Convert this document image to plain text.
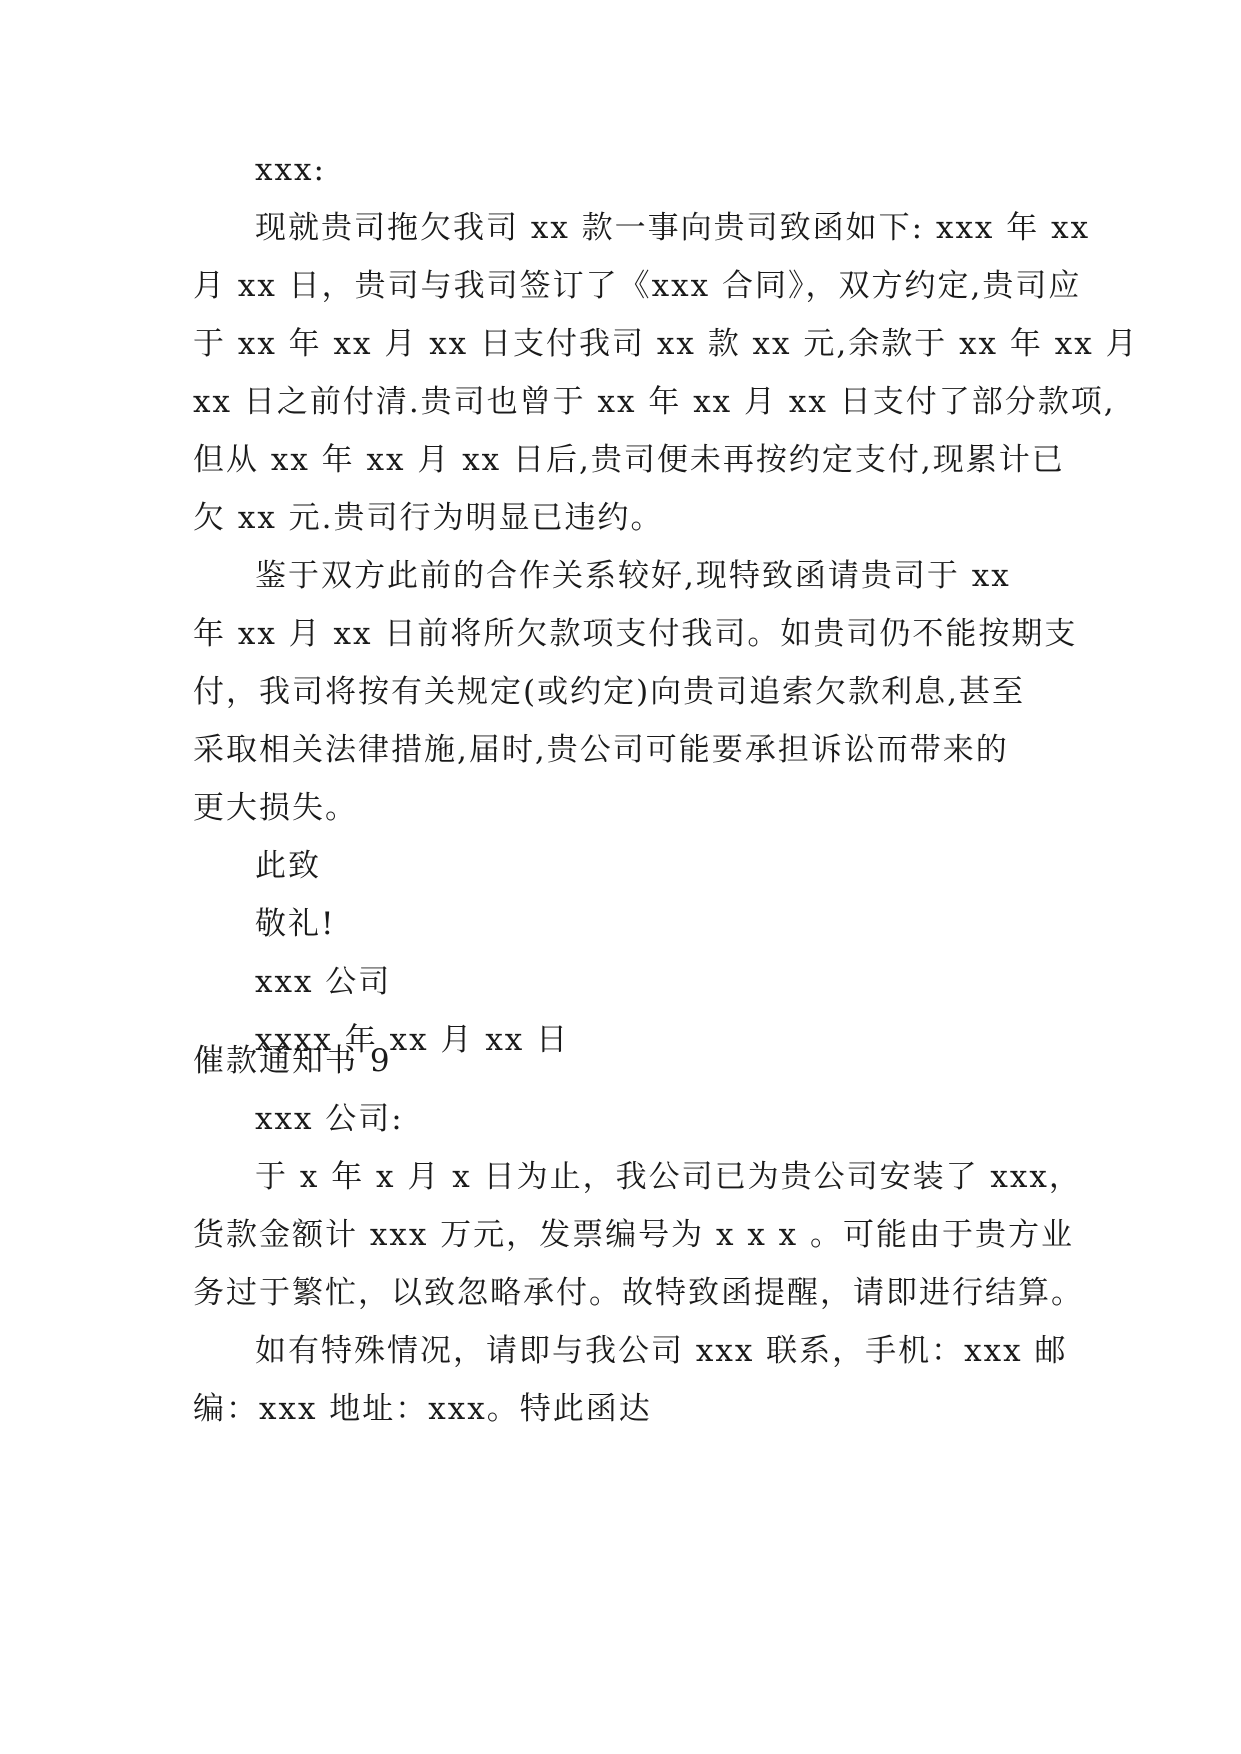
xxx:
现就贵司拖欠我司 xx 款一事向贵司致函如下: xxx 年 xx
月 xx 日，贵司与我司签订了《xxx 合同》，双方约定,贵司应
于 xx 年 xx 月 xx 日支付我司 xx 款 xx 元,余款于 xx 年 xx 月
xx 日之前付清.贵司也曾于 xx 年 xx 月 xx 日支付了部分款项,
但从 xx 年 xx 月 xx 日后,贵司便未再按约定支付,现累计已
欠 xx 元.贵司行为明显已违约。
鉴于双方此前的合作关系较好,现特致函请贵司于 xx
年 xx 月 xx 日前将所欠款项支付我司。如贵司仍不能按期支
付，我司将按有关规定(或约定)向贵司追索欠款利息,甚至
采取相关法律措施,届时,贵公司可能要承担诉讼而带来的
更大损失。
此致
敬礼!
xxx 公司
xxxx 年 xx 月 xx 日
催款通知书 9
xxx 公司:
于 x 年 x 月 x 日为止，我公司已为贵公司安装了 xxx，
货款金额计 xxx 万元，发票编号为 x x x 。可能由于贵方业
务过于繁忙，以致忽略承付。故特致函提醒，请即进行结算。
如有特殊情况，请即与我公司 xxx 联系，手机：xxx 邮
编：xxx 地址：xxx。特此函达
